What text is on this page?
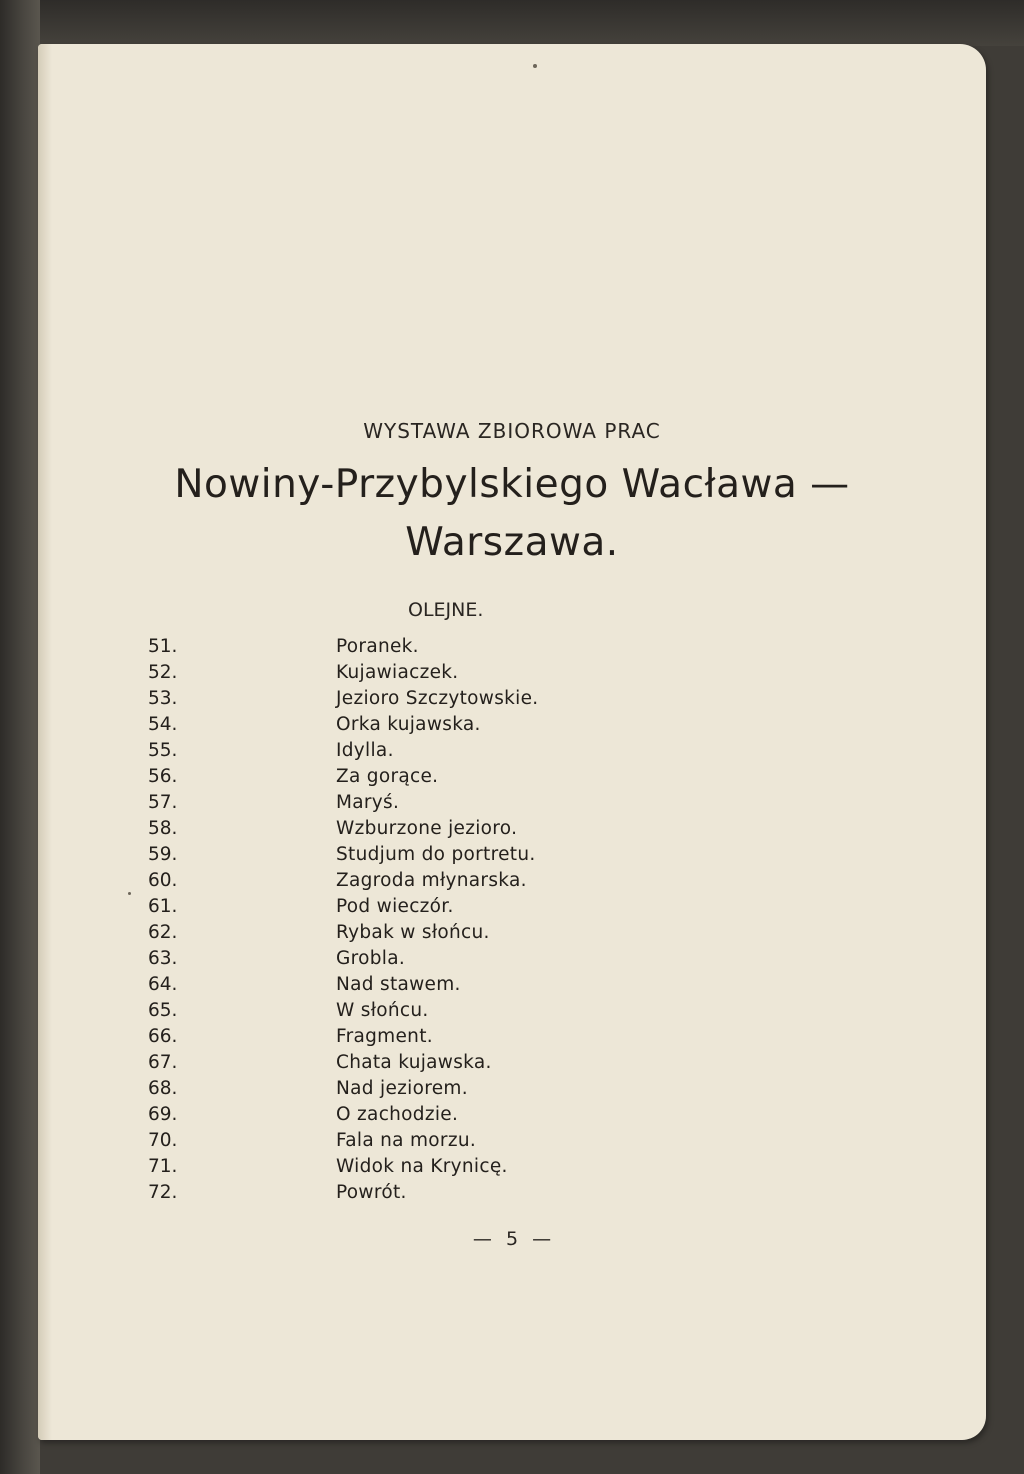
WYSTAWA ZBIOROWA PRAC
Nowiny-Przybylskiego Wacława —
Warszawa.
OLEJNE.
51.	Poranek.
52.	Kujawiaczek.
53.	Jezioro Szczytowskie.
54.	Orka kujawska.
55.	Idylla.
56.	Za gorące.
57.	Maryś.
58.	Wzburzone jezioro.
59.	Studjum do portretu.
60.	Zagroda młynarska.
61.	Pod wieczór.
62.	Rybak w słońcu.
63.	Grobla.
64.	Nad stawem.
65.	W słońcu.
66.	Fragment.
67.	Chata kujawska.
68.	Nad jeziorem.
69.	O zachodzie.
70.	Fala na morzu.
71.	Widok na Krynicę.
72.	Powrót.
— 5 —
